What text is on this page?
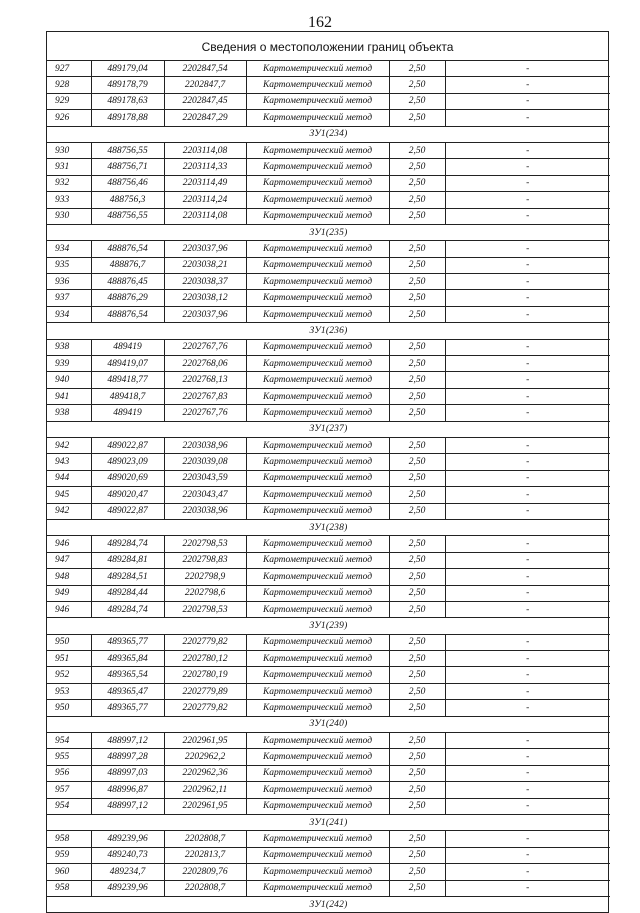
162
Сведения о местоположении границ объекта
927	489179,04	2202847,54	Картометрический метод	2,50	-
928	489178,79	2202847,7	Картометрический метод	2,50	-
929	489178,63	2202847,45	Картометрический метод	2,50	-
926	489178,88	2202847,29	Картометрический метод	2,50	-
ЗУ1(234)					
930	488756,55	2203114,08	Картометрический метод	2,50	-
931	488756,71	2203114,33	Картометрический метод	2,50	-
932	488756,46	2203114,49	Картометрический метод	2,50	-
933	488756,3	2203114,24	Картометрический метод	2,50	-
930	488756,55	2203114,08	Картометрический метод	2,50	-
ЗУ1(235)					
934	488876,54	2203037,96	Картометрический метод	2,50	-
935	488876,7	2203038,21	Картометрический метод	2,50	-
936	488876,45	2203038,37	Картометрический метод	2,50	-
937	488876,29	2203038,12	Картометрический метод	2,50	-
934	488876,54	2203037,96	Картометрический метод	2,50	-
ЗУ1(236)					
938	489419	2202767,76	Картометрический метод	2,50	-
939	489419,07	2202768,06	Картометрический метод	2,50	-
940	489418,77	2202768,13	Картометрический метод	2,50	-
941	489418,7	2202767,83	Картометрический метод	2,50	-
938	489419	2202767,76	Картометрический метод	2,50	-
ЗУ1(237)					
942	489022,87	2203038,96	Картометрический метод	2,50	-
943	489023,09	2203039,08	Картометрический метод	2,50	-
944	489020,69	2203043,59	Картометрический метод	2,50	-
945	489020,47	2203043,47	Картометрический метод	2,50	-
942	489022,87	2203038,96	Картометрический метод	2,50	-
ЗУ1(238)					
946	489284,74	2202798,53	Картометрический метод	2,50	-
947	489284,81	2202798,83	Картометрический метод	2,50	-
948	489284,51	2202798,9	Картометрический метод	2,50	-
949	489284,44	2202798,6	Картометрический метод	2,50	-
946	489284,74	2202798,53	Картометрический метод	2,50	-
ЗУ1(239)					
950	489365,77	2202779,82	Картометрический метод	2,50	-
951	489365,84	2202780,12	Картометрический метод	2,50	-
952	489365,54	2202780,19	Картометрический метод	2,50	-
953	489365,47	2202779,89	Картометрический метод	2,50	-
950	489365,77	2202779,82	Картометрический метод	2,50	-
ЗУ1(240)					
954	488997,12	2202961,95	Картометрический метод	2,50	-
955	488997,28	2202962,2	Картометрический метод	2,50	-
956	488997,03	2202962,36	Картометрический метод	2,50	-
957	488996,87	2202962,11	Картометрический метод	2,50	-
954	488997,12	2202961,95	Картометрический метод	2,50	-
ЗУ1(241)					
958	489239,96	2202808,7	Картометрический метод	2,50	-
959	489240,73	2202813,7	Картометрический метод	2,50	-
960	489234,7	2202809,76	Картометрический метод	2,50	-
958	489239,96	2202808,7	Картометрический метод	2,50	-
ЗУ1(242)					
